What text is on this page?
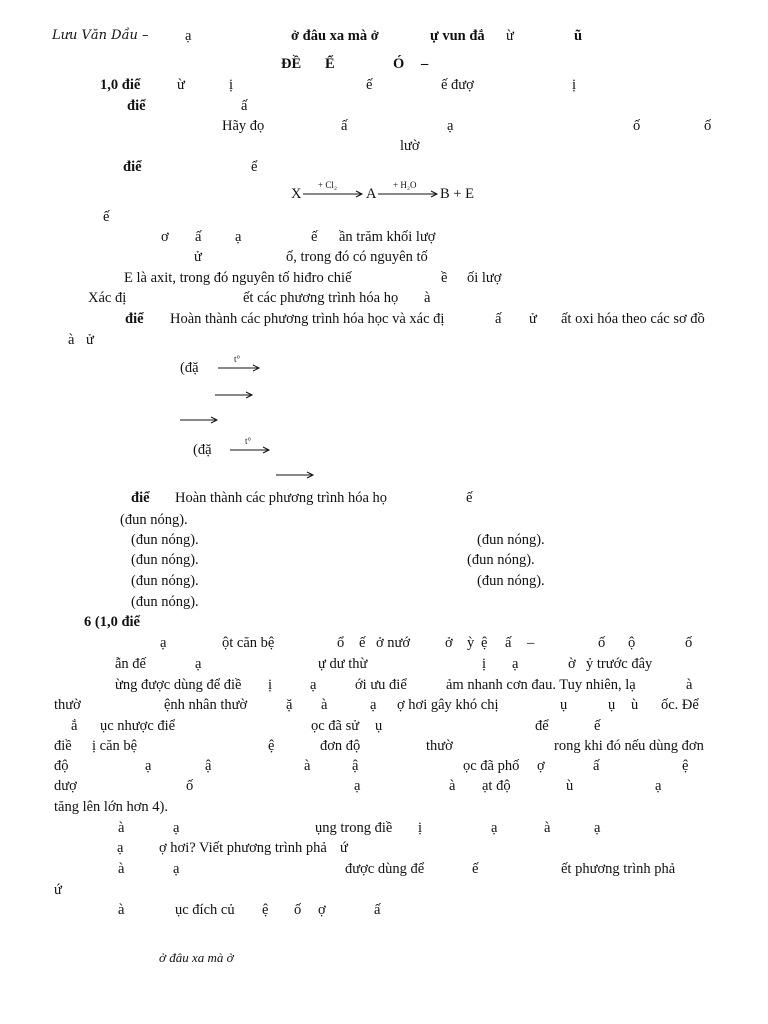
Lưu Văn Dầu –	ạ	ở đâu xa mà ở	ự vun đắ ừ	ũ
ĐỀ Ể	Ó –
1,0 điể	ừ	ị	ế	ế đượ	ị
điể	ấ
Hãy đọ	ấ	ạ	ố	ố
lườ
điể	ể
X
+ Cl₂
A
+ H₂O
B + E
ế
ơ ấ ạ	ế ần trăm khối lượ
ử	ố, trong đó có nguyên tố
E là axit, trong đó nguyên tố hiđro chiế	ề ối lượ
Xác đị	ết các phương trình hóa họ à
điể Hoàn thành các phương trình hóa học và xác đị	ấ ử ất oxi hóa theo các sơ đồ
à ử
(đặ
t°
(đặ
t°
điể Hoàn thành các phương trình hóa họ	ế
(đun nóng).
(đun nóng).	(đun nóng).
(đun nóng).	(đun nóng).
(đun nóng).	(đun nóng).
(đun nóng).
6 (1,0 điể
ạ	ột căn bệ	ổ ế ở nướ ở ỳ ệ ấ –	ố ộ	ố
ẫn đế	ạ	ự dư thừ	ị ạ	ờ ỷ trước đây
ừng được dùng để điề ị	ạ	ới ưu điể	ảm nhanh cơn đau. Tuy nhiên, lạ	à
thườ	ệnh nhân thườ	ặ à	ạ ợ hơi gây khó chị	ụ	ụ ù ốc. Để
ắ ục nhược điể	ọc đã sử ụ	để	ế
điề ị căn bệ	ệ	đơn độ	thườ	rong khi đó nếu dùng đơn
độ	ạ	ậ	à	ậ	ọc đã phố ợ	ấ	ệ
dượ	ố	ạ	à ạt độ	ù	ạ
tăng lên lớn hơn 4).
à	ạ	ụng trong điề ị	ạ	à	ạ
ạ ợ hơi? Viết phương trình phả ứ
à	ạ	được dùng để	ế	ết phương trình phả
ứ
à	ục đích củ ệ ố ợ	ấ
ở đâu xa mà ở
